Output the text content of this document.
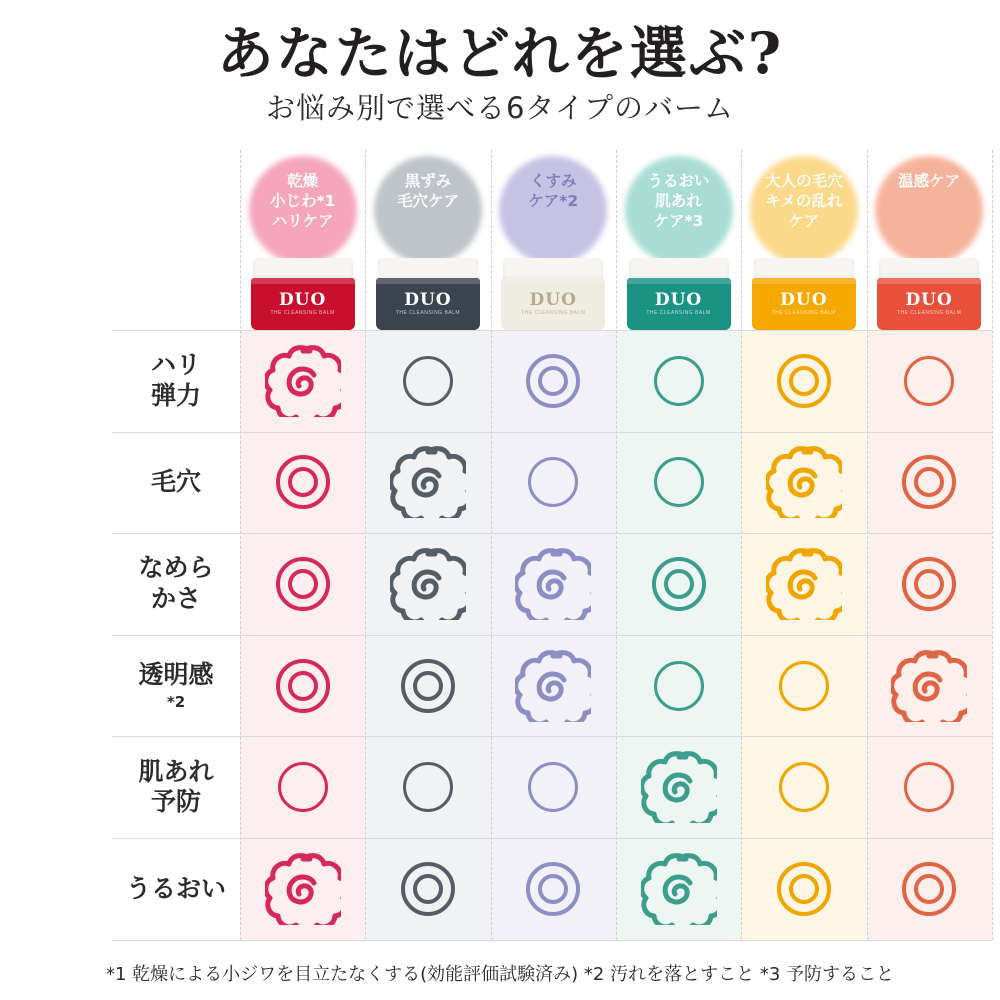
あなたはどれを選ぶ?
お悩み別で選べる6タイプのバーム
乾燥
小じわ*1
ハリケア
DUO
THE CLEANSING BALM
黒ずみ
毛穴ケア
DUO
THE CLEANSING BALM
くすみ
ケア*2
DUO
THE CLEANSING BALM
うるおい
肌あれ
ケア*3
DUO
THE CLEANSING BALM
大人の毛穴
キメの乱れ
ケア
DUO
THE CLEANSING BALM
温感ケア
DUO
THE CLEANSING BALM
ハリ
弾力
毛穴
なめら
かさ
透明感
*2
肌あれ
予防
うるおい
*1 乾燥による小ジワを目立たなくする(効能評価試験済み) *2 汚れを落とすこと *3 予防すること
